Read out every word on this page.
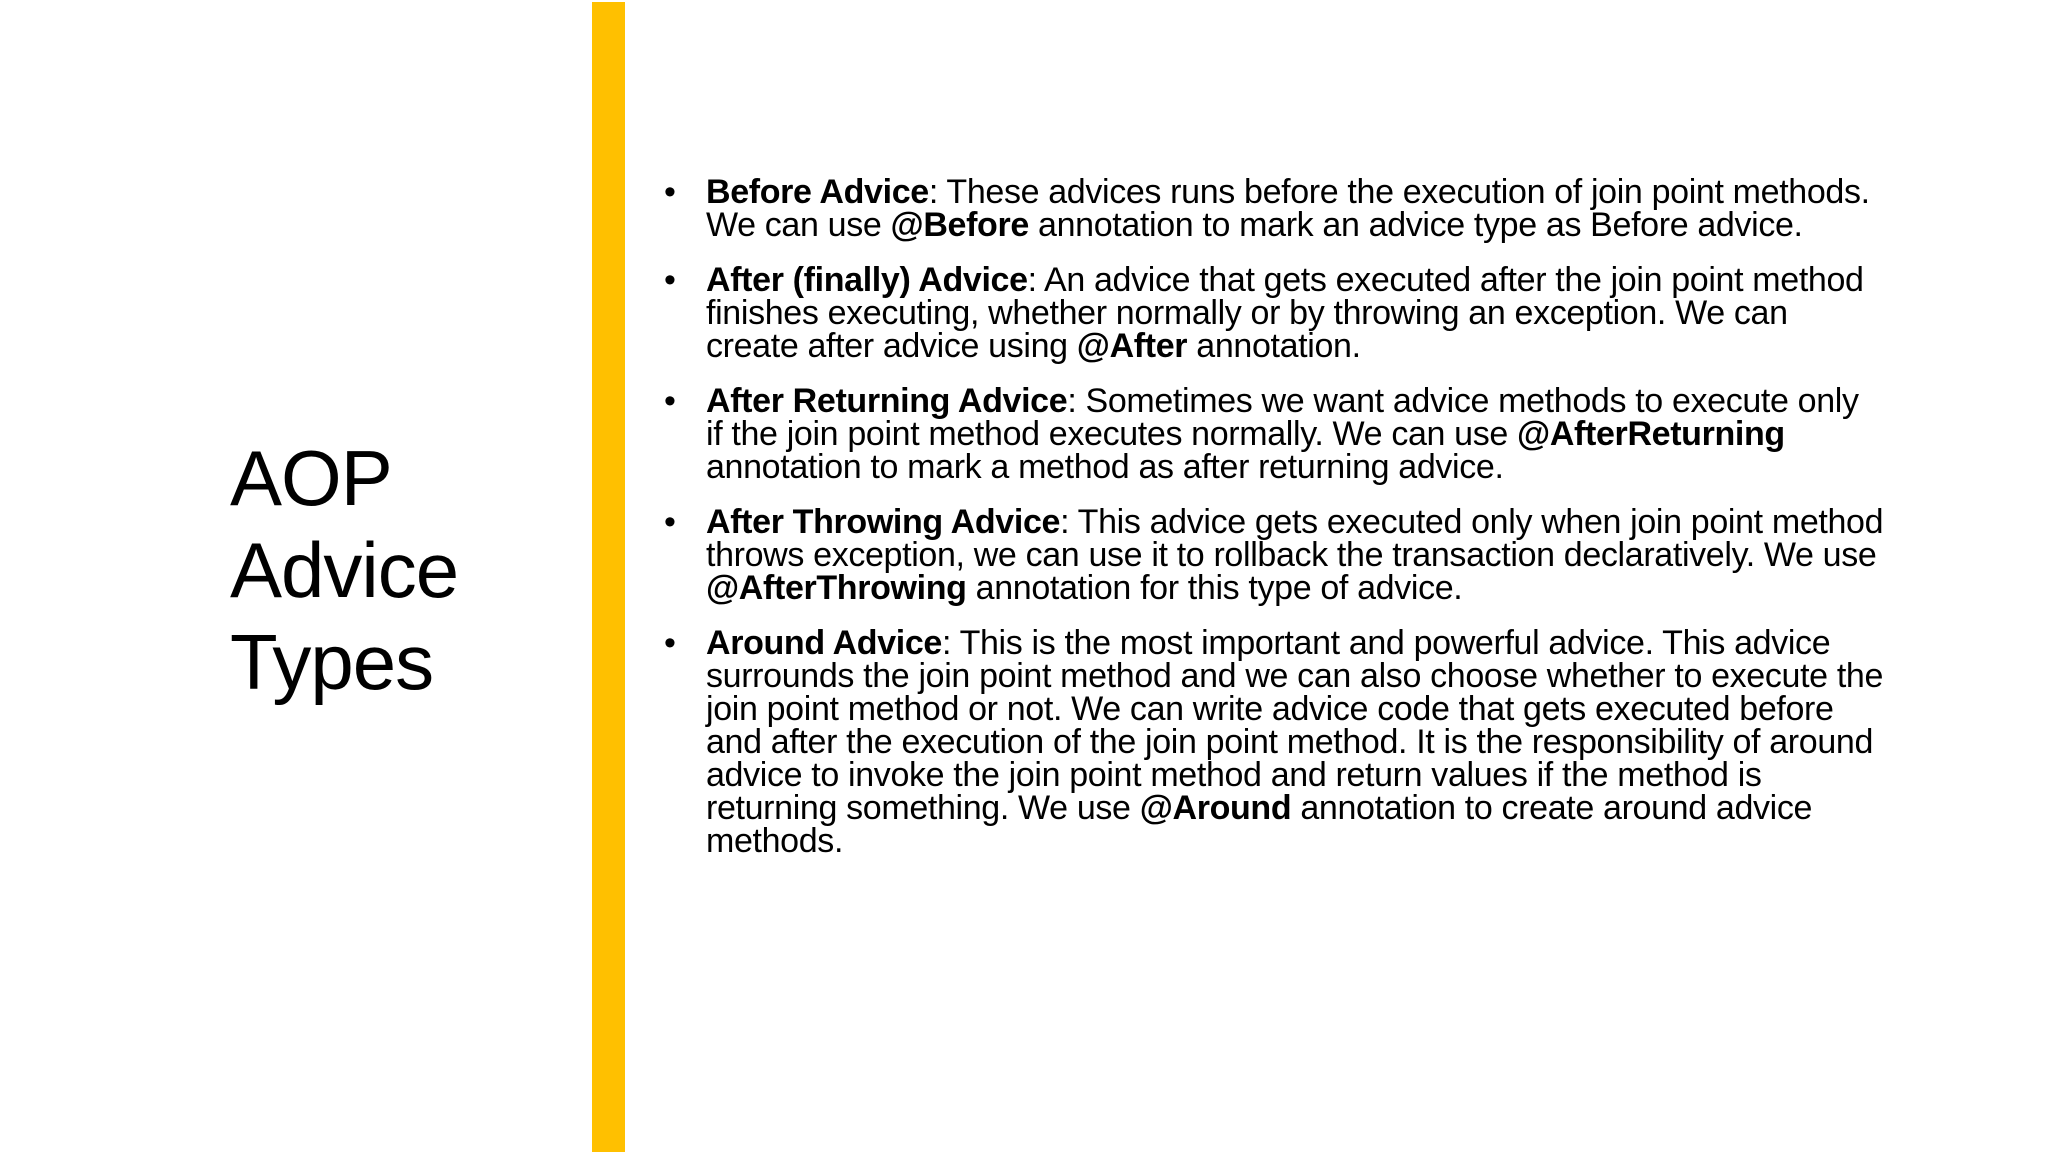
AOP
Advice
Types
• Before Advice: These advices runs before the execution of join point methods. We can use @Before annotation to mark an advice type as Before advice.
• After (finally) Advice: An advice that gets executed after the join point method finishes executing, whether normally or by throwing an exception. We can create after advice using @After annotation.
• After Returning Advice: Sometimes we want advice methods to execute only if the join point method executes normally. We can use @AfterReturning annotation to mark a method as after returning advice.
• After Throwing Advice: This advice gets executed only when join point method throws exception, we can use it to rollback the transaction declaratively. We use @AfterThrowing annotation for this type of advice.
• Around Advice: This is the most important and powerful advice. This advice surrounds the join point method and we can also choose whether to execute the join point method or not. We can write advice code that gets executed before and after the execution of the join point method. It is the responsibility of around advice to invoke the join point method and return values if the method is returning something. We use @Around annotation to create around advice methods.
